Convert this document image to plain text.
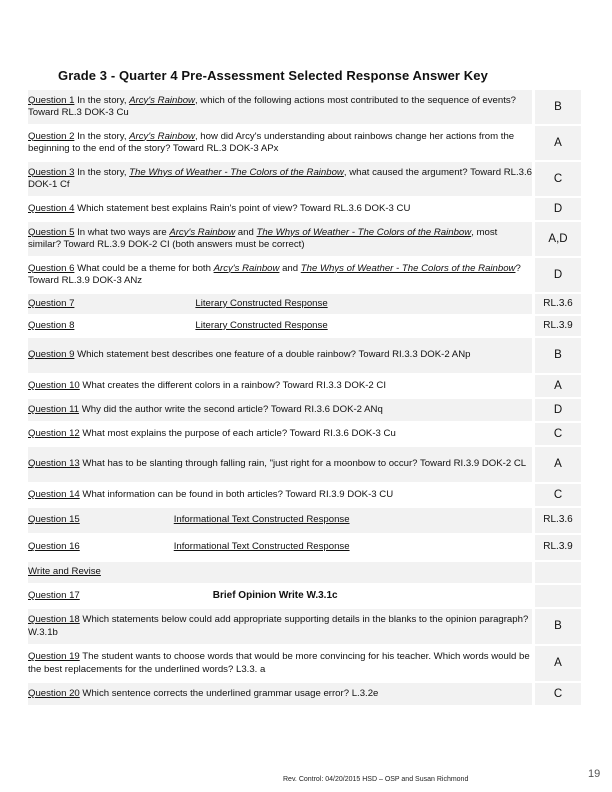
Grade 3 - Quarter 4 Pre-Assessment Selected Response Answer Key
Question 1 In the story, Arcy's Rainbow, which of the following actions most contributed to the sequence of events? Toward RL.3 DOK-3 Cu	B
Question 2 In the story, Arcy's Rainbow, how did Arcy's understanding about rainbows change her actions from the beginning to the end of the story? Toward RL.3 DOK-3 APx	A
Question 3 In the story, The Whys of Weather - The Colors of the Rainbow, what caused the argument? Toward RL.3.6 DOK-1 Cf	C
Question 4 Which statement best explains Rain's point of view? Toward RL.3.6 DOK-3 CU	D
Question 5 In what two ways are Arcy's Rainbow and The Whys of Weather - The Colors of the Rainbow, most similar? Toward RL.3.9 DOK-2 CI (both answers must be correct)	A,D
Question 6 What could be a theme for both Arcy's Rainbow and The Whys of Weather - The Colors of the Rainbow? Toward RL.3.9 DOK-3 ANz	D
Question 7 Literary Constructed Response	RL.3.6
Question 8 Literary Constructed Response	RL.3.9
Question 9 Which statement best describes one feature of a double rainbow? Toward RI.3.3 DOK-2 ANp	B
Question 10 What creates the different colors in a rainbow? Toward RI.3.3 DOK-2 CI	A
Question 11 Why did the author write the second article? Toward RI.3.6 DOK-2 ANq	D
Question 12 What most explains the purpose of each article? Toward RI.3.6 DOK-3 Cu	C
Question 13 What has to be slanting through falling rain, "just right for a moonbow to occur? Toward RI.3.9 DOK-2 CL	A
Question 14 What information can be found in both articles? Toward RI.3.9 DOK-3 CU	C
Question 15 Informational Text Constructed Response	RL.3.6
Question 16 Informational Text Constructed Response	RL.3.9
Write and Revise	
Question 17 Brief Opinion Write W.3.1c	
Question 18 Which statements below could add appropriate supporting details in the blanks to the opinion paragraph? W.3.1b	B
Question 19 The student wants to choose words that would be more convincing for his teacher. Which words would be the best replacements for the underlined words? L3.3. a	A
Question 20 Which sentence corrects the underlined grammar usage error? L.3.2e	C
Rev. Control: 04/20/2015 HSD – OSP and Susan Richmond	19
